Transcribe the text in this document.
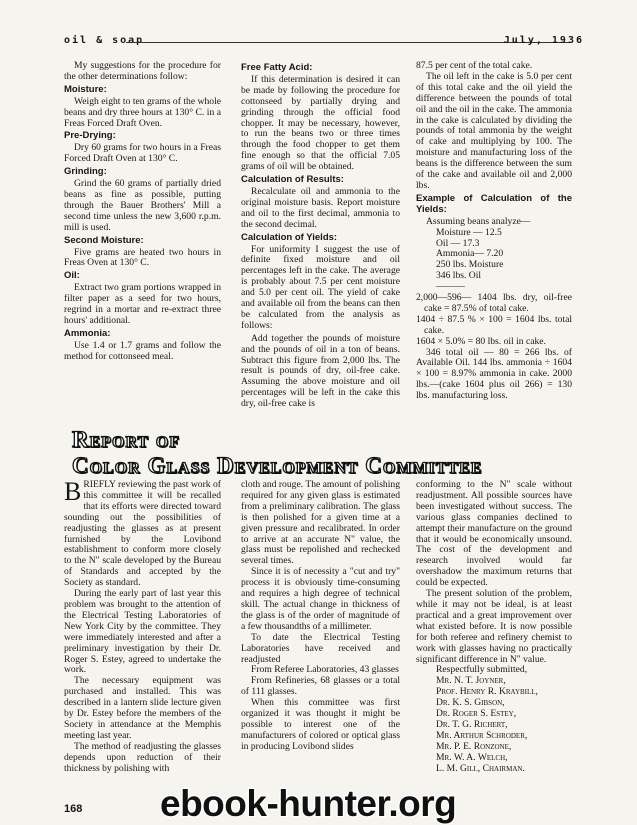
oil & soap	July, 1936

My suggestions for the procedure for the other determinations follow:

Moisture:

Weigh eight to ten grams of the whole beans and dry three hours at 130° C. in a Freas Forced Draft Oven.

Pre-Drying:

Dry 60 grams for two hours in a Freas Forced Draft Oven at 130° C.

Grinding:

Grind the 60 grams of partially dried beans as fine as possible, putting through the Bauer Brothers' Mill a second time unless the new 3,600 r.p.m. mill is used.

Second Moisture:

Five grams are heated two hours in Freas Oven at 130° C.

Oil:

Extract two gram portions wrapped in filter paper as a seed for two hours, regrind in a mortar and re-extract three hours' additional.

Ammonia:

Use 1.4 or 1.7 grams and follow the method for cottonseed meal.

Free Fatty Acid:

If this determination is desired it can be made by following the procedure for cottonseed by partially drying and grinding through the official food chopper. It may be necessary, however, to run the beans two or three times through the food chopper to get them fine enough so that the official 7.05 grams of oil will be obtained.

Calculation of Results:

Recalculate oil and ammonia to the original moisture basis. Report moisture and oil to the first decimal, ammonia to the second decimal.

Calculation of Yields:

For uniformity I suggest the use of definite fixed moisture and oil percentages left in the cake. The average is probably about 7.5 per cent moisture and 5.0 per cent oil. The yield of cake and available oil from the beans can then be calculated from the analysis as follows:

Add together the pounds of moisture and the pounds of oil in a ton of beans. Subtract this figure from 2,000 lbs. The result is pounds of dry, oil-free cake. Assuming the above moisture and oil percentages will be left in the cake this dry, oil-free cake is

87.5 per cent of the total cake.

The oil left in the cake is 5.0 per cent of this total cake and the oil yield the difference between the pounds of total oil and the oil in the cake. The ammonia in the cake is calculated by dividing the pounds of total ammonia by the weight of cake and multiplying by 100. The moisture and manufacturing loss of the beans is the difference between the sum of the cake and available oil and 2,000 lbs.

Example of Calculation of the Yields:

Assuming beans analyze—

Moisture — 12.5

Oil — 17.3

Ammonia— 7.20

250 lbs. Moisture

346 lbs. Oil

———

2,000—596— 1404 lbs. dry, oil-free cake = 87.5% of total cake.

1404 ÷ 87.5 % × 100 = 1604 lbs. total cake.

1604 × 5.0% = 80 lbs. oil in cake.

346 total oil — 80 = 266 lbs. of Available Oil. 144 lbs. ammonia ÷ 1604 × 100 = 8.97% ammonia in cake. 2000 lbs.—(cake 1604 plus oil 266) = 130 lbs. manufacturing loss.

Report of
Color Glass Development Committee

BRIEFLY reviewing the past work of this committee it will be recalled that its efforts were directed toward sounding out the possibilities of readjusting the glasses as at present furnished by the Lovibond establishment to conform more closely to the N" scale developed by the Bureau of Standards and accepted by the Society as standard.

During the early part of last year this problem was brought to the attention of the Electrical Testing Laboratories of New York City by the committee. They were immediately interested and after a preliminary investigation by their Dr. Roger S. Estey, agreed to undertake the work.

The necessary equipment was purchased and installed. This was described in a lantern slide lecture given by Dr. Estey before the members of the Society in attendance at the Memphis meeting last year.

The method of readjusting the glasses depends upon reduction of their thickness by polishing with

cloth and rouge. The amount of polishing required for any given glass is estimated from a preliminary calibration. The glass is then polished for a given time at a given pressure and recalibrated. In order to arrive at an accurate N" value, the glass must be repolished and rechecked several times.

Since it is of necessity a "cut and try" process it is obviously time-consuming and requires a high degree of technical skill. The actual change in thickness of the glass is of the order of magnitude of a few thousandths of a millimeter.

To date the Electrical Testing Laboratories have received and readjusted

From Referee Laboratories, 43 glasses

From Refineries, 68 glasses or a total of 111 glasses.

When this committee was first organized it was thought it might be possible to interest one of the manufacturers of colored or optical glass in producing Lovibond slides

conforming to the N" scale without readjustment. All possible sources have been investigated without success. The various glass companies declined to attempt their manufacture on the ground that it would be economically unsound. The cost of the development and research involved would far overshadow the maximum returns that could be expected.

The present solution of the problem, while it may not be ideal, is at least practical and a great improvement over what existed before. It is now possible for both referee and refinery chemist to work with glasses having no practically significant difference in N" value.

Respectfully submitted,

Mr. N. T. Joyner,

Prof. Henry R. Kraybill,

Dr. K. S. Gibson,

Dr. Roger S. Estey,

Dr. T. G. Richert,

Mr. Arthur Schroder,

Mr. P. E. Ronzone,

Mr. W. A. Welch,

L. M. Gill, Chairman.

168 ebook-hunter.org
